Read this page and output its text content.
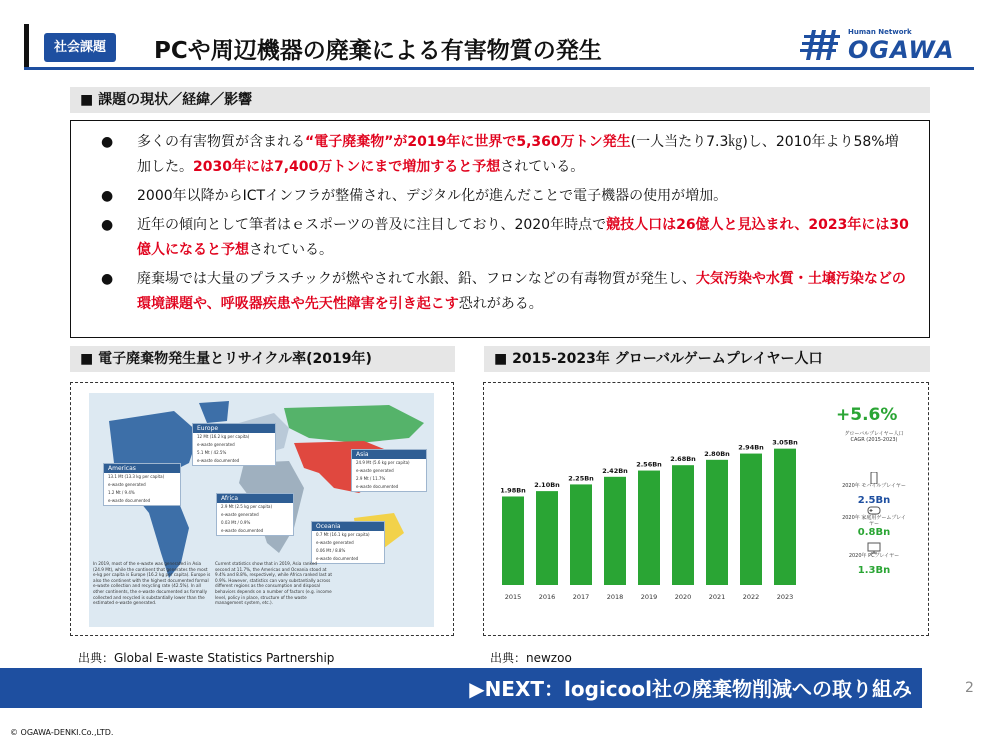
社会課題	PCや周辺機器の廃棄による有害物質の発生
Human Network
OGAWA
■ 課題の現状／経緯／影響
● 多くの有害物質が含まれる“電子廃棄物”が2019年に世界で5,360万トン発生(一人当たり7.3㎏)し、2010年より58%増加した。2030年には7,400万トンにまで増加すると予想されている。
● 2000年以降からICTインフラが整備され、デジタル化が進んだことで電子機器の使用が増加。
● 近年の傾向として筆者はｅスポーツの普及に注目しており、2020年時点で競技人口は26億人と見込まれ、2023年には30億人になると予想されている。
● 廃棄場では大量のプラスチックが燃やされて水銀、鉛、フロンなどの有毒物質が発生し、大気汚染や水質・土壌汚染などの環境課題や、呼吸器疾患や先天性障害を引き起こす恐れがある。
■ 電子廃棄物発生量とリサイクル率(2019年)
Americas
13.1 Mt (13.3 kg per capita)
e-waste generated
1.2 Mt / 9.4%
e-waste documented
Europe
12 Mt (16.2 kg per capita)
e-waste generated
5.1 Mt / 42.5%
e-waste documented
Asia
24.9 Mt (5.6 kg per capita)
e-waste generated
2.9 Mt / 11.7%
e-waste documented
Africa
2.9 Mt (2.5 kg per capita)
e-waste generated
0.03 Mt / 0.9%
e-waste documented
Oceania
0.7 Mt (16.1 kg per capita)
e-waste generated
0.06 Mt / 8.8%
e-waste documented
In 2019, most of the e-waste was generated in Asia (24.9 Mt), while the continent that generates the most e-kg per capita is Europe (16.2 kg per capita). Europe is also the continent with the highest documented formal e-waste collection and recycling rate (42.5%). In all other continents, the e-waste documented as formally collected and recycled is substantially lower than the estimated e-waste generated.
Current statistics show that in 2019, Asia ranked second at 11.7%, the Americas and Oceania stood at 9.4% and 8.8%, respectively, while Africa ranked last at 0.9%. However, statistics can vary substantially across different regions as the consumption and disposal behaviors depends on a number of factors (e.g. income level, policy in place, structure of the waste management system, etc.).
出典：Global E-waste Statistics Partnership
■ 2015-2023年 グローバルゲームプレイヤー人口
1.98Bn
2015
2.10Bn
2016
2.25Bn
2017
2.42Bn
2018
2.56Bn
2019
2.68Bn
2020
2.80Bn
2021
2.94Bn
2022
3.05Bn
2023
+5.6%
グローバルプレイヤー人口 CAGR (2015-2023)
2020年 モバイルプレイヤー
2.5Bn
2020年 家庭用ゲームプレイヤー
0.8Bn
2020年 PCプレイヤー
1.3Bn
出典：newzoo
▶NEXT：logicool社の廃棄物削減への取り組み	2
© OGAWA-DENKI.Co.,LTD.
